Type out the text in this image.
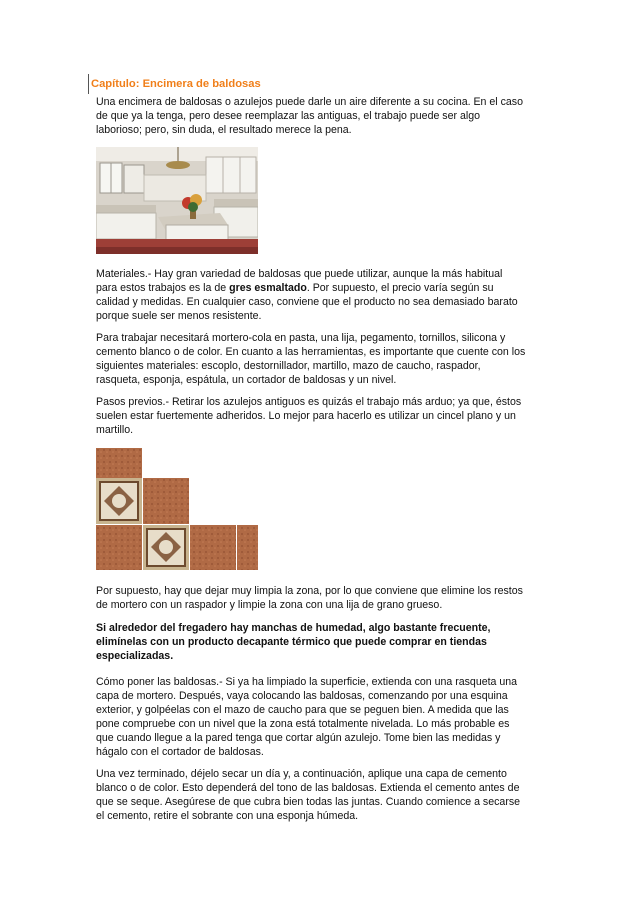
Capítulo: Encimera de baldosas

Una encimera de baldosas o azulejos puede darle un aire diferente a su cocina. En el caso de que ya la tenga, pero desee reemplazar las antiguas, el trabajo puede ser algo laborioso; pero, sin duda, el resultado merece la pena.

Materiales.- Hay gran variedad de baldosas que puede utilizar, aunque la más habitual para estos trabajos es la de gres esmaltado. Por supuesto, el precio varía según su calidad y medidas. En cualquier caso, conviene que el producto no sea demasiado barato porque suele ser menos resistente.

Para trabajar necesitará mortero-cola en pasta, una lija, pegamento, tornillos, silicona y cemento blanco o de color. En cuanto a las herramientas, es importante que cuente con los siguientes materiales: escoplo, destornillador, martillo, mazo de caucho, raspador, rasqueta, esponja, espátula, un cortador de baldosas y un nivel.

Pasos previos.- Retirar los azulejos antiguos es quizás el trabajo más arduo; ya que, éstos suelen estar fuertemente adheridos. Lo mejor para hacerlo es utilizar un cincel plano y un martillo.

Por supuesto, hay que dejar muy limpia la zona, por lo que conviene que elimine los restos de mortero con un raspador y limpie la zona con una lija de grano grueso.

Si alrededor del fregadero hay manchas de humedad, algo bastante frecuente, elimínelas con un producto decapante térmico que puede comprar en tiendas especializadas.

Cómo poner las baldosas.- Si ya ha limpiado la superficie, extienda con una rasqueta una capa de mortero. Después, vaya colocando las baldosas, comenzando por una esquina exterior, y golpéelas con el mazo de caucho para que se peguen bien. A medida que las pone compruebe con un nivel que la zona está totalmente nivelada. Lo más probable es que cuando llegue a la pared tenga que cortar algún azulejo. Tome bien las medidas y hágalo con el cortador de baldosas.

Una vez terminado, déjelo secar un día y, a continuación, aplique una capa de cemento blanco o de color. Esto dependerá del tono de las baldosas. Extienda el cemento antes de que se seque. Asegúrese de que cubra bien todas las juntas. Cuando comience a secarse el cemento, retire el sobrante con una esponja húmeda.
